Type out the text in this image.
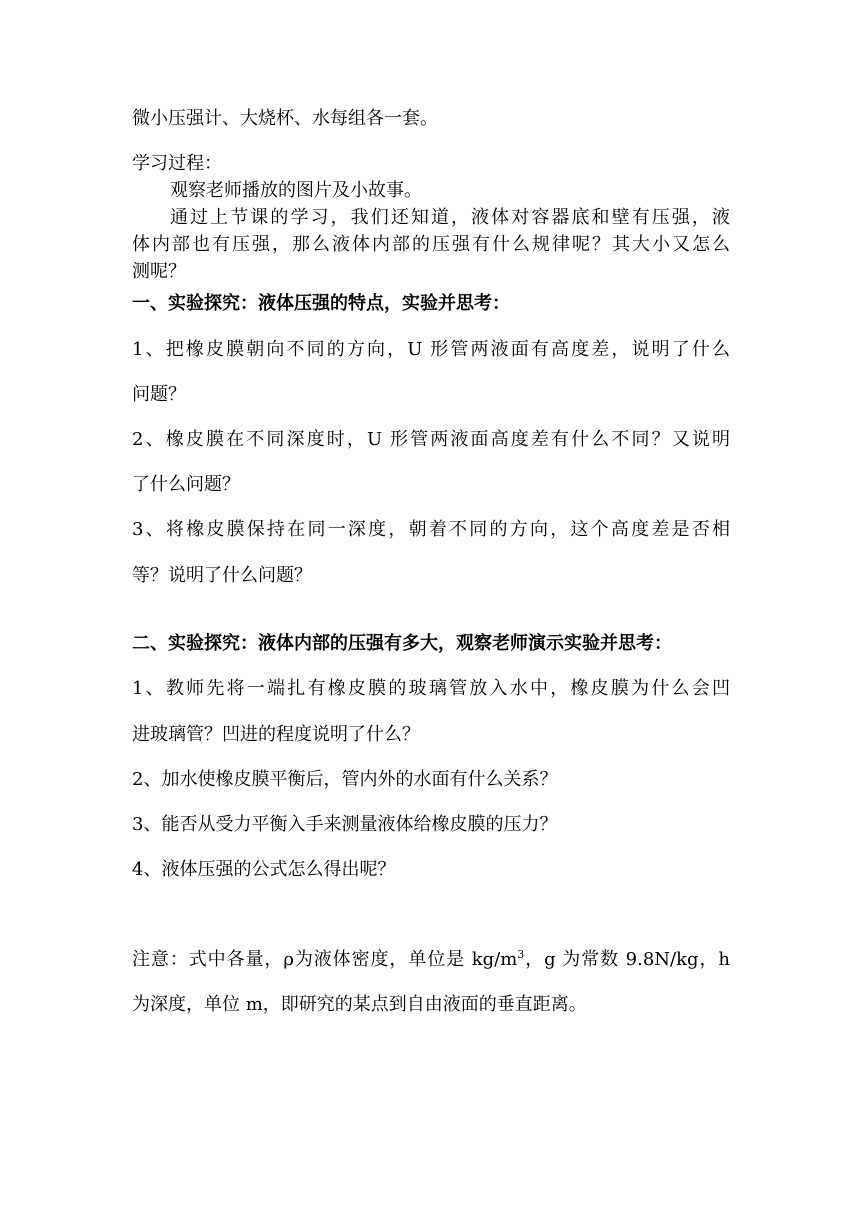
微小压强计、大烧杯、水每组各一套。
学习过程：
观察老师播放的图片及小故事。
通过上节课的学习，我们还知道，液体对容器底和壁有压强，液
体内部也有压强，那么液体内部的压强有什么规律呢？其大小又怎么
测呢？
一、实验探究：液体压强的特点，实验并思考：
1、把橡皮膜朝向不同的方向，U 形管两液面有高度差，说明了什么
问题？
2、橡皮膜在不同深度时，U 形管两液面高度差有什么不同？又说明
了什么问题？
3、将橡皮膜保持在同一深度，朝着不同的方向，这个高度差是否相
等？说明了什么问题？
二、实验探究：液体内部的压强有多大，观察老师演示实验并思考：
1、教师先将一端扎有橡皮膜的玻璃管放入水中，橡皮膜为什么会凹
进玻璃管？凹进的程度说明了什么？
2、加水使橡皮膜平衡后，管内外的水面有什么关系？
3、能否从受力平衡入手来测量液体给橡皮膜的压力？
4、液体压强的公式怎么得出呢？
注意：式中各量，ρ为液体密度，单位是 $kg/m^3$，g 为常数 9.8N/kg，h
为深度，单位 m，即研究的某点到自由液面的垂直距离。
